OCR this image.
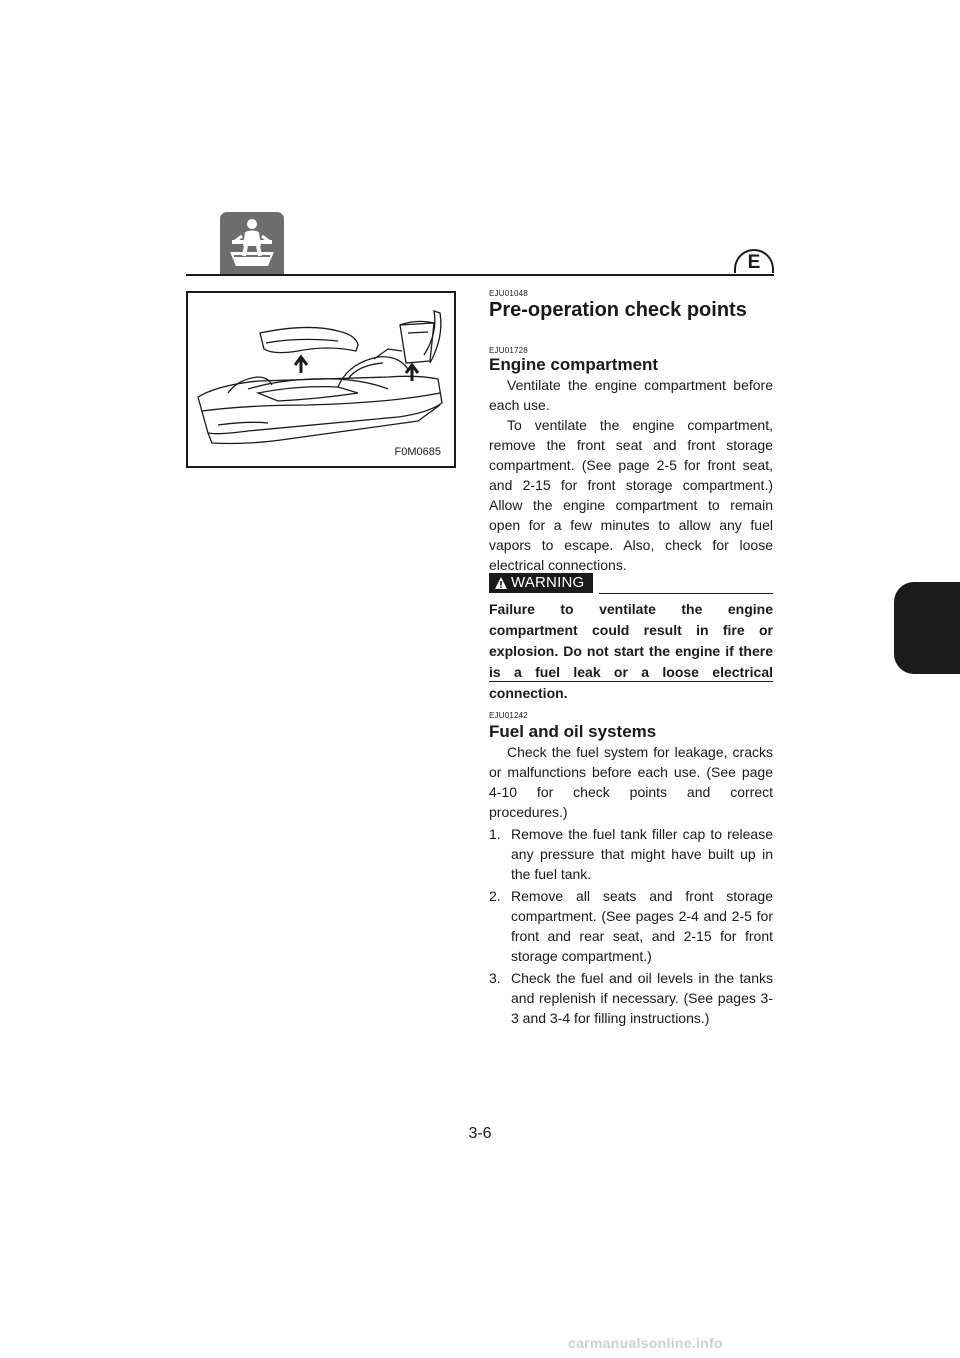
E
F0M0685
EJU01048
Pre-operation check points
EJU01728
Engine compartment

Ventilate the engine compartment before each use.

To ventilate the engine compartment, remove the front seat and front storage compartment. (See page 2-5 for front seat, and 2-15 for front storage compartment.) Allow the engine compartment to remain open for a few minutes to allow any fuel vapors to escape. Also, check for loose electrical connections.

WARNING
Failure to ventilate the engine compartment could result in fire or explosion. Do not start the engine if there is a fuel leak or a loose electrical connection.
EJU01242
Fuel and oil systems

Check the fuel system for leakage, cracks or malfunctions before each use. (See page 4-10 for check points and correct procedures.)

1. Remove the fuel tank filler cap to release any pressure that might have built up in the fuel tank.
2. Remove all seats and front storage compartment. (See pages 2-4 and 2-5 for front and rear seat, and 2-15 for front storage compartment.)
3. Check the fuel and oil levels in the tanks and replenish if necessary. (See pages 3-3 and 3-4 for filling instructions.)
3-6
carmanualsonline.info
